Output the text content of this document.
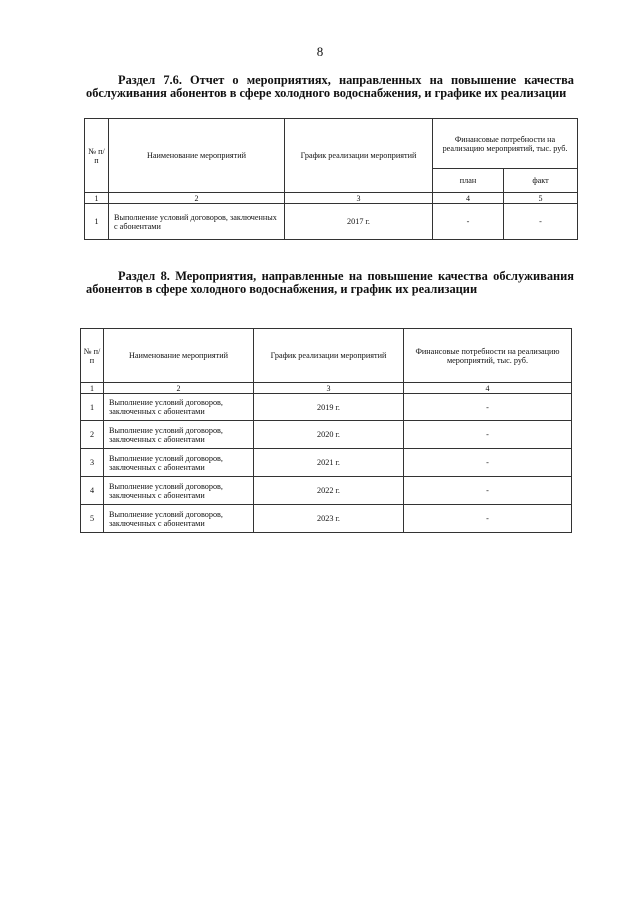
8
Раздел 7.6. Отчет о мероприятиях, направленных на повышение качества обслуживания абонентов в сфере холодного водоснабжения, и графике их реализации
№ п/п	Наименование мероприятий	График реализации мероприятий	Финансовые потребности на реализацию мероприятий, тыс. руб.	
			план	факт
1	2	3	4	5
1	Выполнение условий договоров, заключенных с абонентами	2017 г.	-	-
Раздел 8. Мероприятия, направленные на повышение качества обслуживания абонентов в сфере холодного водоснабжения, и график их реализации
№ п/п	Наименование мероприятий	График реализации мероприятий	Финансовые потребности на реализацию мероприятий, тыс. руб.
1	2	3	4
1	Выполнение условий договоров, заключенных с абонентами	2019 г.	-
2	Выполнение условий договоров, заключенных с абонентами	2020 г.	-
3	Выполнение условий договоров, заключенных с абонентами	2021 г.	-
4	Выполнение условий договоров, заключенных с абонентами	2022 г.	-
5	Выполнение условий договоров, заключенных с абонентами	2023 г.	-
